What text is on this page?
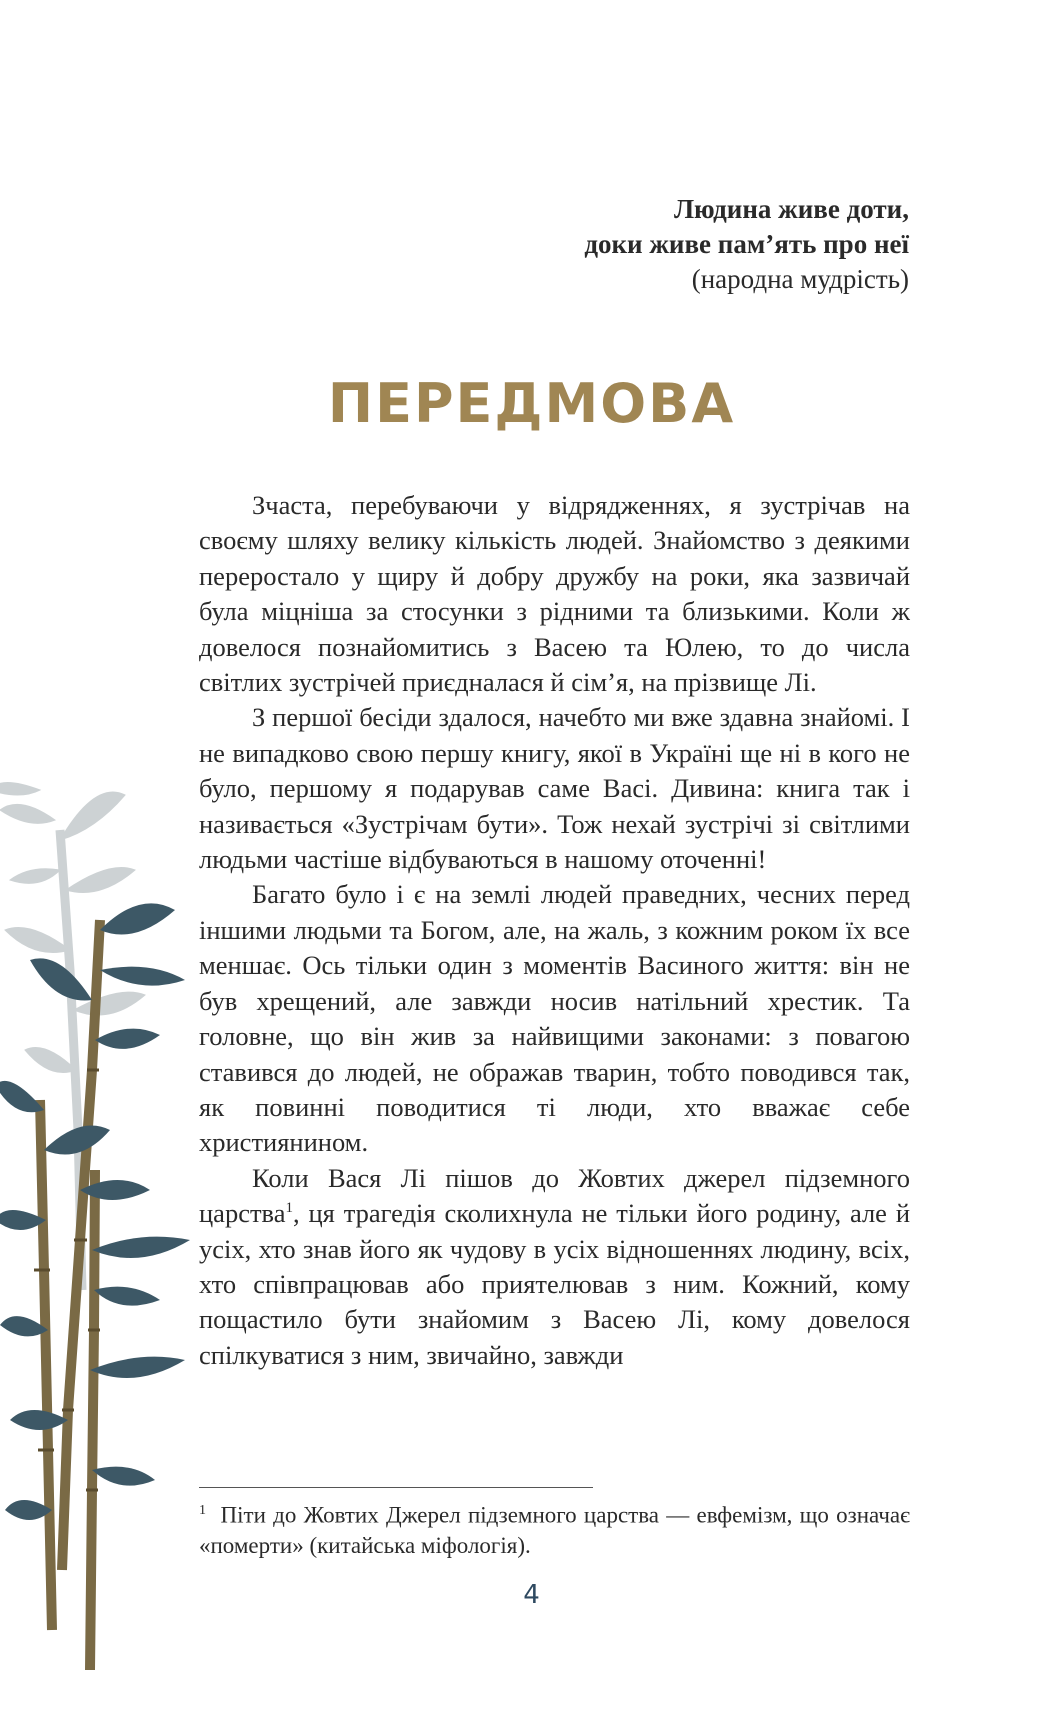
Людина живе доти,
доки живе пам’ять про неї
(народна мудрість)
ПЕРЕДМОВА

Зчаста, перебуваючи у відрядженнях, я зустрічав на своєму шляху велику кількість людей. Знайомство з деякими переростало у щиру й добру дружбу на роки, яка зазвичай була міцніша за стосунки з рідними та близькими. Коли ж довелося познайомитись з Васею та Юлею, то до числа світлих зустрічей приєдналася й сім’я, на прізвище Лі.

З першої бесіди здалося, начебто ми вже здавна знайомі. І не випадково свою першу книгу, якої в Україні ще ні в кого не було, першому я подарував саме Васі. Дивина: книга так і називається «Зустрічам бути». Тож нехай зустрічі зі світлими людьми частіше відбуваються в нашому оточенні!

Багато було і є на землі людей праведних, чесних перед іншими людьми та Богом, але, на жаль, з кожним роком їх все меншає. Ось тільки один з моментів Васиного життя: він не був хрещений, але завжди носив натільний хрестик. Та головне, що він жив за найвищими законами: з повагою ставився до людей, не ображав тварин, тобто поводився так, як повинні поводитися ті люди, хто вважає себе християнином.

Коли Вася Лі пішов до Жовтих джерел підземного царства$^1$, ця трагедія сколихнула не тільки його родину, але й усіх, хто знав його як чудову в усіх відношеннях людину, всіх, хто співпрацював або приятелював з ним. Кожний, кому пощастило бути знайомим з Васею Лі, кому довелося спілкуватися з ним, звичайно, завжди

$^1$ Піти до Жовтих Джерел підземного царства — евфемізм, що означає «померти» (китайська міфологія).
4
